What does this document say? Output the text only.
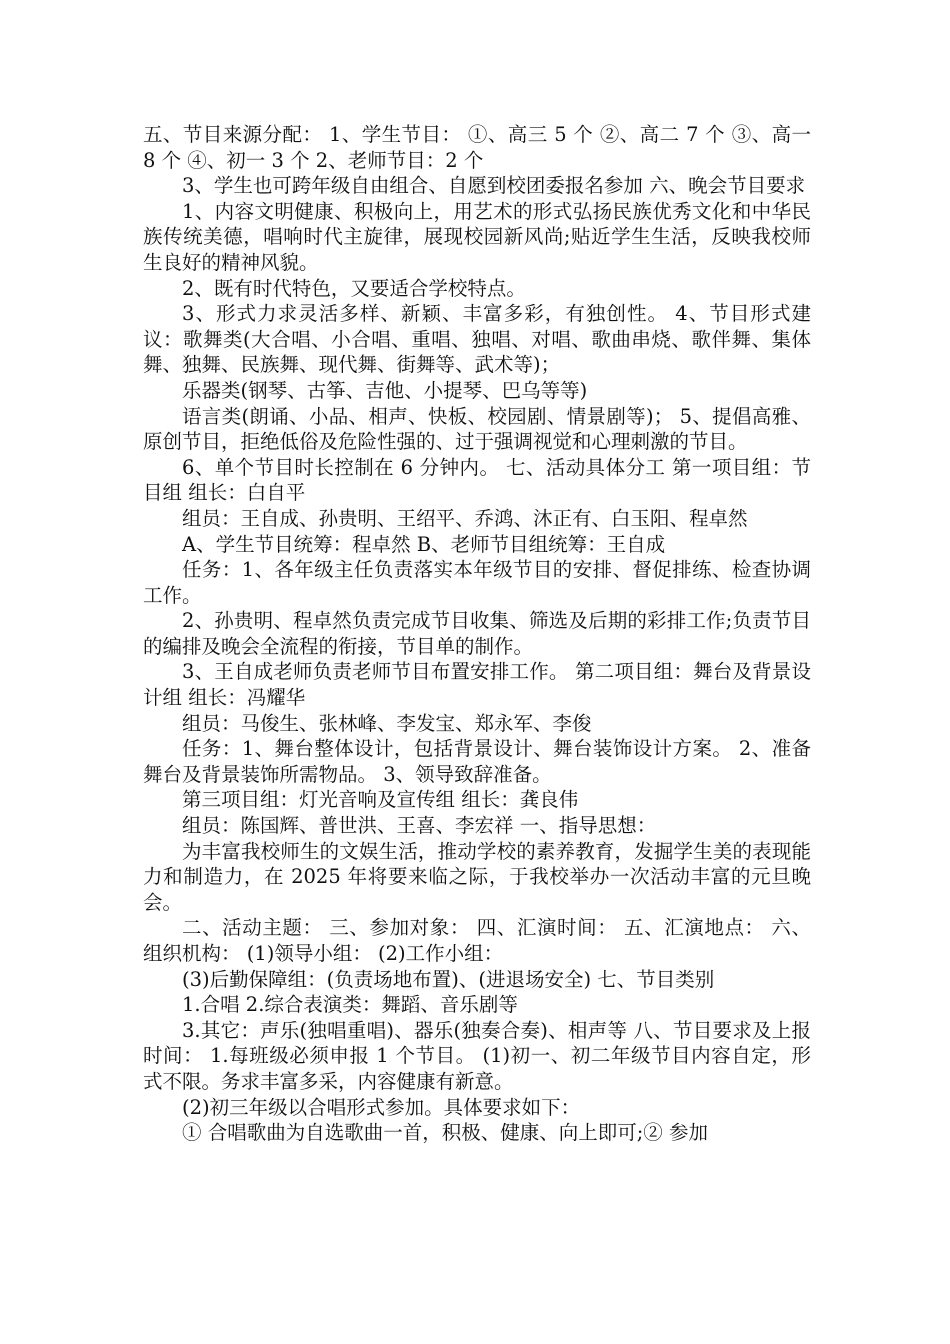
五、节目来源分配： 1、学生节目： ①、高三 5 个 ②、高二 7 个 ③、高一 8 个 ④、初一 3 个 2、老师节目：2 个

3、学生也可跨年级自由组合、自愿到校团委报名参加 六、晚会节目要求

1、内容文明健康、积极向上，用艺术的形式弘扬民族优秀文化和中华民族传统美德，唱响时代主旋律，展现校园新风尚;贴近学生生活，反映我校师生良好的精神风貌。

2、既有时代特色，又要适合学校特点。

3、形式力求灵活多样、新颖、丰富多彩，有独创性。 4、节目形式建议：歌舞类(大合唱、小合唱、重唱、独唱、对唱、歌曲串烧、歌伴舞、集体舞、独舞、民族舞、现代舞、街舞等、武术等)；

乐器类(钢琴、古筝、吉他、小提琴、巴乌等等)

语言类(朗诵、小品、相声、快板、校园剧、情景剧等)； 5、提倡高雅、原创节目，拒绝低俗及危险性强的、过于强调视觉和心理刺激的节目。

6、单个节目时长控制在 6 分钟内。 七、活动具体分工 第一项目组：节目组 组长：白自平

组员：王自成、孙贵明、王绍平、乔鸿、沐正有、白玉阳、程卓然

A、学生节目统筹：程卓然 B、老师节目组统筹：王自成

任务：1、各年级主任负责落实本年级节目的安排、督促排练、检查协调工作。

2、孙贵明、程卓然负责完成节目收集、筛选及后期的彩排工作;负责节目的编排及晚会全流程的衔接，节目单的制作。

3、王自成老师负责老师节目布置安排工作。 第二项目组：舞台及背景设计组 组长：冯耀华

组员：马俊生、张林峰、李发宝、郑永军、李俊

任务：1、舞台整体设计，包括背景设计、舞台装饰设计方案。 2、准备舞台及背景装饰所需物品。 3、领导致辞准备。

第三项目组：灯光音响及宣传组 组长：龚良伟

组员：陈国辉、普世洪、王喜、李宏祥 一、指导思想：

为丰富我校师生的文娱生活，推动学校的素养教育，发掘学生美的表现能力和制造力，在 2025 年将要来临之际，于我校举办一次活动丰富的元旦晚会。

二、活动主题： 三、参加对象： 四、汇演时间： 五、汇演地点： 六、组织机构： (1)领导小组： (2)工作小组：

(3)后勤保障组：(负责场地布置)、(进退场安全) 七、节目类别

1.合唱 2.综合表演类：舞蹈、音乐剧等

3.其它：声乐(独唱重唱)、器乐(独奏合奏)、相声等 八、节目要求及上报时间： 1.每班级必须申报 1 个节目。 (1)初一、初二年级节目内容自定，形式不限。务求丰富多采，内容健康有新意。

(2)初三年级以合唱形式参加。具体要求如下：

① 合唱歌曲为自选歌曲一首，积极、健康、向上即可;② 参加
